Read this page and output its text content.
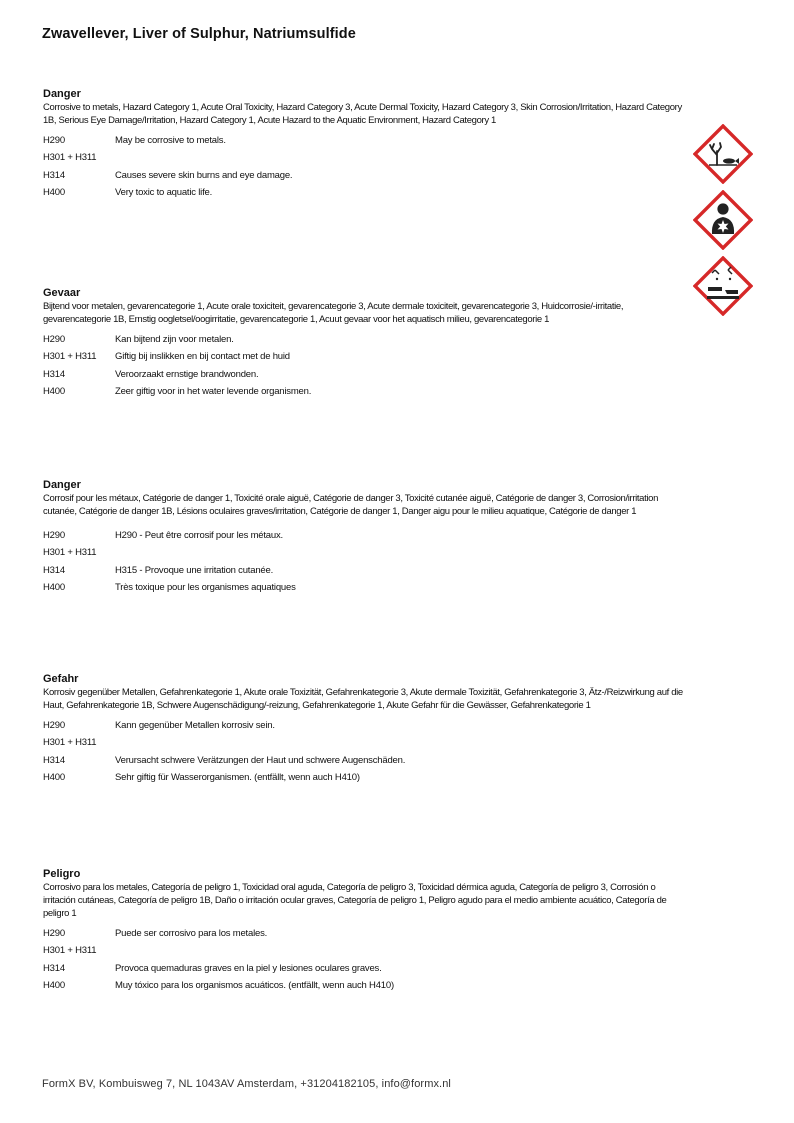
Zwavellever, Liver of Sulphur, Natriumsulfide
Danger

Corrosive to metals, Hazard Category 1, Acute Oral Toxicity, Hazard Category 3, Acute Dermal Toxicity, Hazard Category 3, Skin Corrosion/Irritation, Hazard Category 1B, Serious Eye Damage/Irritation, Hazard Category 1, Acute Hazard to the Aquatic Environment, Hazard Category 1

H290	May be corrosive to metals.
H301 + H311
H314	Causes severe skin burns and eye damage.
H400	Very toxic to aquatic life.
Gevaar

Bijtend voor metalen, gevarencategorie 1, Acute orale toxiciteit, gevarencategorie 3, Acute dermale toxiciteit, gevarencategorie 3, Huidcorrosie/-irritatie, gevarencategorie 1B, Ernstig oogletsel/oogirritatie, gevarencategorie 1, Acuut gevaar voor het aquatisch milieu, gevarencategorie 1

H290	Kan bijtend zijn voor metalen.
H301 + H311	Giftig bij inslikken en bij contact met de huid
H314	Veroorzaakt ernstige brandwonden.
H400	Zeer giftig voor in het water levende organismen.
Danger

Corrosif pour les métaux, Catégorie de danger 1, Toxicité orale aiguë, Catégorie de danger 3, Toxicité cutanée aiguë, Catégorie de danger 3, Corrosion/irritation cutanée, Catégorie de danger 1B, Lésions oculaires graves/irritation, Catégorie de danger 1, Danger aigu pour le milieu aquatique, Catégorie de danger 1

H290	H290 - Peut être corrosif pour les métaux.
H301 + H311
H314	H315 - Provoque une irritation cutanée.
H400	Très toxique pour les organismes aquatiques
Gefahr

Korrosiv gegenüber Metallen, Gefahrenkategorie 1, Akute orale Toxizität, Gefahrenkategorie 3, Akute dermale Toxizität, Gefahrenkategorie 3, Ätz-/Reizwirkung auf die Haut, Gefahrenkategorie 1B, Schwere Augenschädigung/-reizung, Gefahrenkategorie 1, Akute Gefahr für die Gewässer, Gefahrenkategorie 1

H290	Kann gegenüber Metallen korrosiv sein.
H301 + H311
H314	Verursacht schwere Verätzungen der Haut und schwere Augenschäden.
H400	Sehr giftig für Wasserorganismen. (entfällt, wenn auch H410)
Peligro

Corrosivo para los metales, Categoría de peligro 1, Toxicidad oral aguda, Categoría de peligro 3, Toxicidad dérmica aguda, Categoría de peligro 3, Corrosión o irritación cutáneas, Categoría de peligro 1B, Daño o irritación ocular graves, Categoría de peligro 1, Peligro agudo para el medio ambiente acuático, Categoría de peligro 1

H290	Puede ser corrosivo para los metales.
H301 + H311
H314	Provoca quemaduras graves en la piel y lesiones oculares graves.
H400	Muy tóxico para los organismos acuáticos. (entfällt, wenn auch H410)
FormX BV, Kombuisweg 7, NL 1043AV Amsterdam, +31204182105, info@formx.nl
